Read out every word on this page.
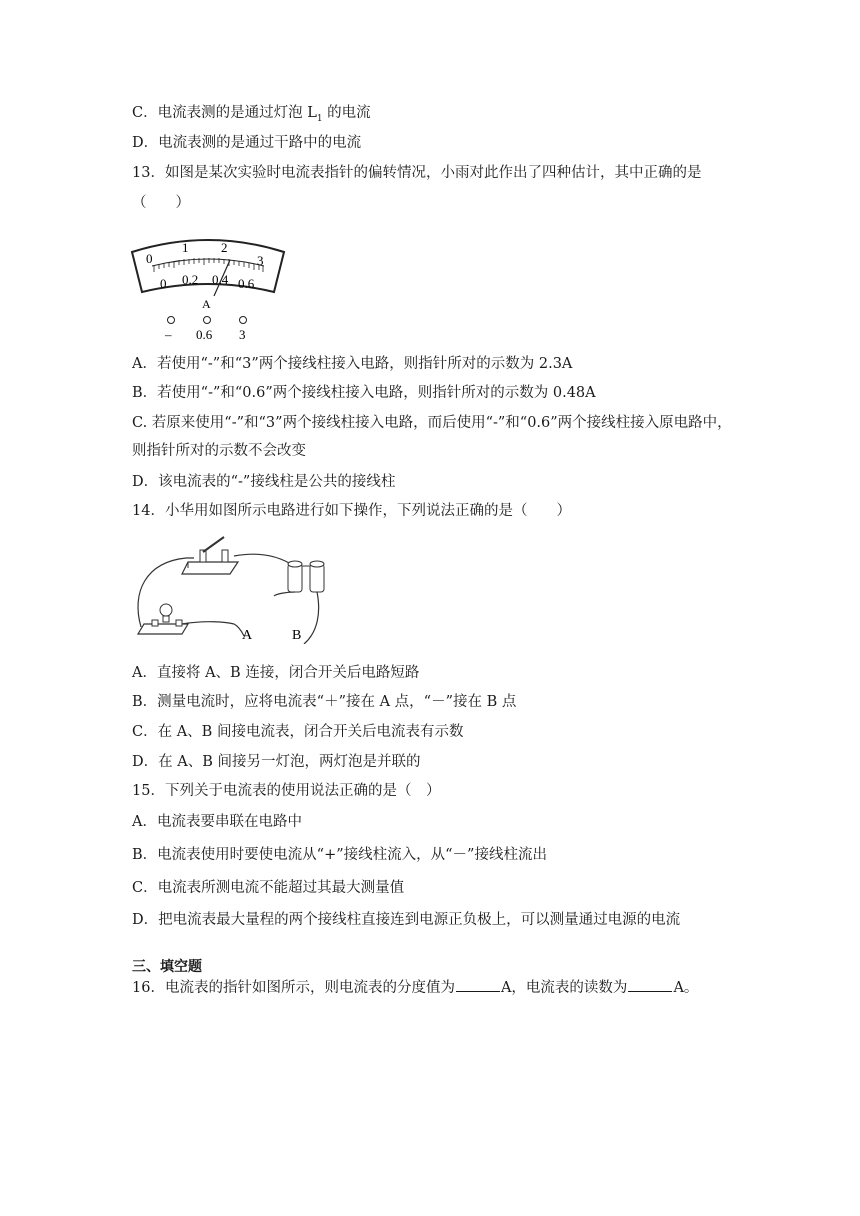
C．电流表测的是通过灯泡 $L_1$ 的电流
D．电流表测的是通过干路中的电流
13．如图是某次实验时电流表指针的偏转情况，小雨对此作出了四种估计，其中正确的是
（　　）
0
1	2
3
0 0.2 0.4 0.6
A
– 0.6 3
A．若使用“-”和“3”两个接线柱接入电路，则指针所对的示数为 2.3A
B．若使用“-”和“0.6”两个接线柱接入电路，则指针所对的示数为 0.48A
C. 若原来使用“-”和“3”两个接线柱接入电路，而后使用“-”和“0.6”两个接线柱接入原电路中，
则指针所对的示数不会改变
D．该电流表的“-”接线柱是公共的接线柱
14．小华用如图所示电路进行如下操作，下列说法正确的是（　　）
A	B
A．直接将 A、B 连接，闭合开关后电路短路
B．测量电流时，应将电流表“＋”接在 A 点，“－”接在 B 点
C．在 A、B 间接电流表，闭合开关后电流表有示数
D．在 A、B 间接另一灯泡，两灯泡是并联的
15．下列关于电流表的使用说法正确的是（　）
A．电流表要串联在电路中
B．电流表使用时要使电流从“+”接线柱流入，从“－”接线柱流出
C．电流表所测电流不能超过其最大测量值
D．把电流表最大量程的两个接线柱直接连到电源正负极上，可以测量通过电源的电流
三、填空题
16．电流表的指针如图所示，则电流表的分度值为	A，电流表的读数为	A。
